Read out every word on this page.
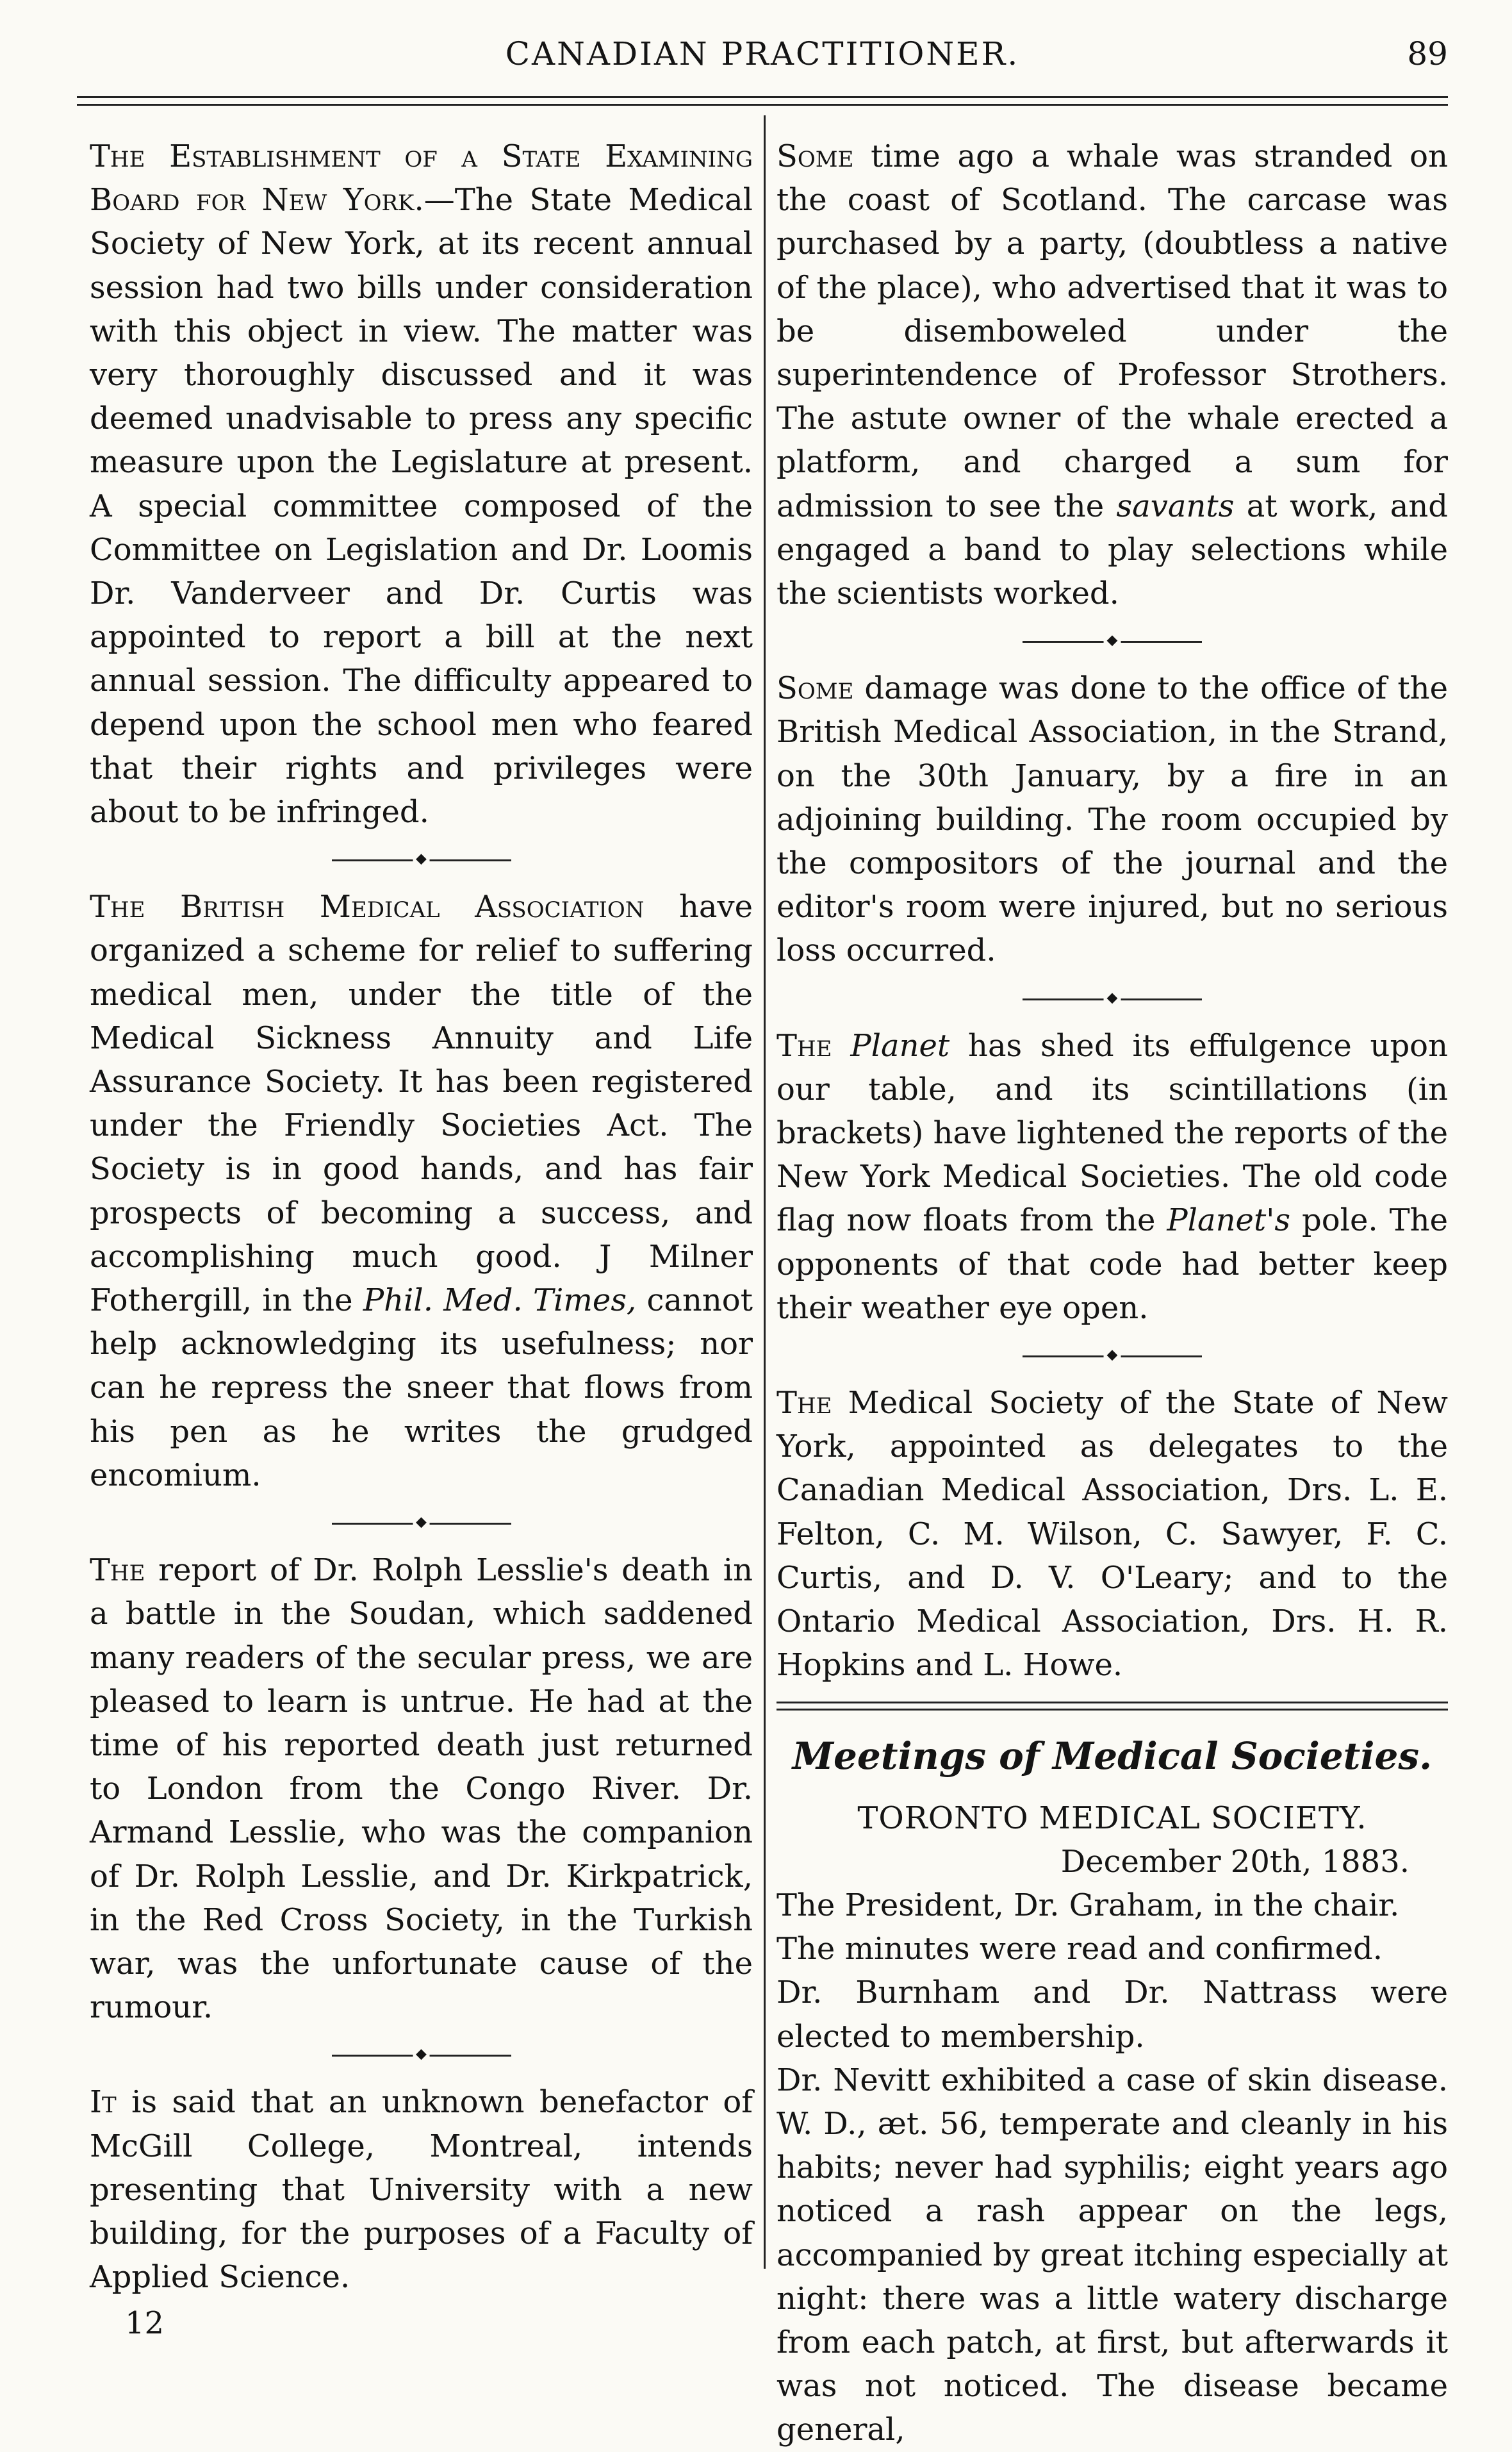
CANADIAN PRACTITIONER.	89

The Establishment of a State Examining Board for New York.—The State Medical Society of New York, at its recent annual session had two bills under consideration with this object in view. The matter was very thoroughly discussed and it was deemed unadvisable to press any specific measure upon the Legislature at present. A special committee composed of the Committee on Legislation and Dr. Loomis Dr. Vanderveer and Dr. Curtis was appointed to report a bill at the next annual session. The difficulty appeared to depend upon the school men who feared that their rights and privileges were about to be infringed.

◆

The British Medical Association have organized a scheme for relief to suffering medical men, under the title of the Medical Sickness Annuity and Life Assurance Society. It has been registered under the Friendly Societies Act. The Society is in good hands, and has fair prospects of becoming a success, and accomplishing much good. J Milner Fothergill, in the Phil. Med. Times, cannot help acknowledging its usefulness; nor can he repress the sneer that flows from his pen as he writes the grudged encomium.

◆

The report of Dr. Rolph Lesslie's death in a battle in the Soudan, which saddened many readers of the secular press, we are pleased to learn is untrue. He had at the time of his reported death just returned to London from the Congo River. Dr. Armand Lesslie, who was the companion of Dr. Rolph Lesslie, and Dr. Kirkpatrick, in the Red Cross Society, in the Turkish war, was the unfortunate cause of the rumour.

◆

It is said that an unknown benefactor of McGill College, Montreal, intends presenting that University with a new building, for the purposes of a Faculty of Applied Science.

12

Some time ago a whale was stranded on the coast of Scotland. The carcase was purchased by a party, (doubtless a native of the place), who advertised that it was to be disemboweled under the superintendence of Professor Strothers. The astute owner of the whale erected a platform, and charged a sum for admission to see the savants at work, and engaged a band to play selections while the scientists worked.

◆

Some damage was done to the office of the British Medical Association, in the Strand, on the 30th January, by a fire in an adjoining building. The room occupied by the compositors of the journal and the editor's room were injured, but no serious loss occurred.

◆

The Planet has shed its effulgence upon our table, and its scintillations (in brackets) have lightened the reports of the New York Medical Societies. The old code flag now floats from the Planet's pole. The opponents of that code had better keep their weather eye open.

◆

The Medical Society of the State of New York, appointed as delegates to the Canadian Medical Association, Drs. L. E. Felton, C. M. Wilson, C. Sawyer, F. C. Curtis, and D. V. O'Leary; and to the Ontario Medical Association, Drs. H. R. Hopkins and L. Howe.

Meetings of Medical Societies.
TORONTO MEDICAL SOCIETY.
December 20th, 1883.

The President, Dr. Graham, in the chair.

The minutes were read and confirmed.

Dr. Burnham and Dr. Nattrass were elected to membership.

Dr. Nevitt exhibited a case of skin disease. W. D., æt. 56, temperate and cleanly in his habits; never had syphilis; eight years ago noticed a rash appear on the legs, accompanied by great itching especially at night: there was a little watery discharge from each patch, at first, but afterwards it was not noticed. The disease became general,
